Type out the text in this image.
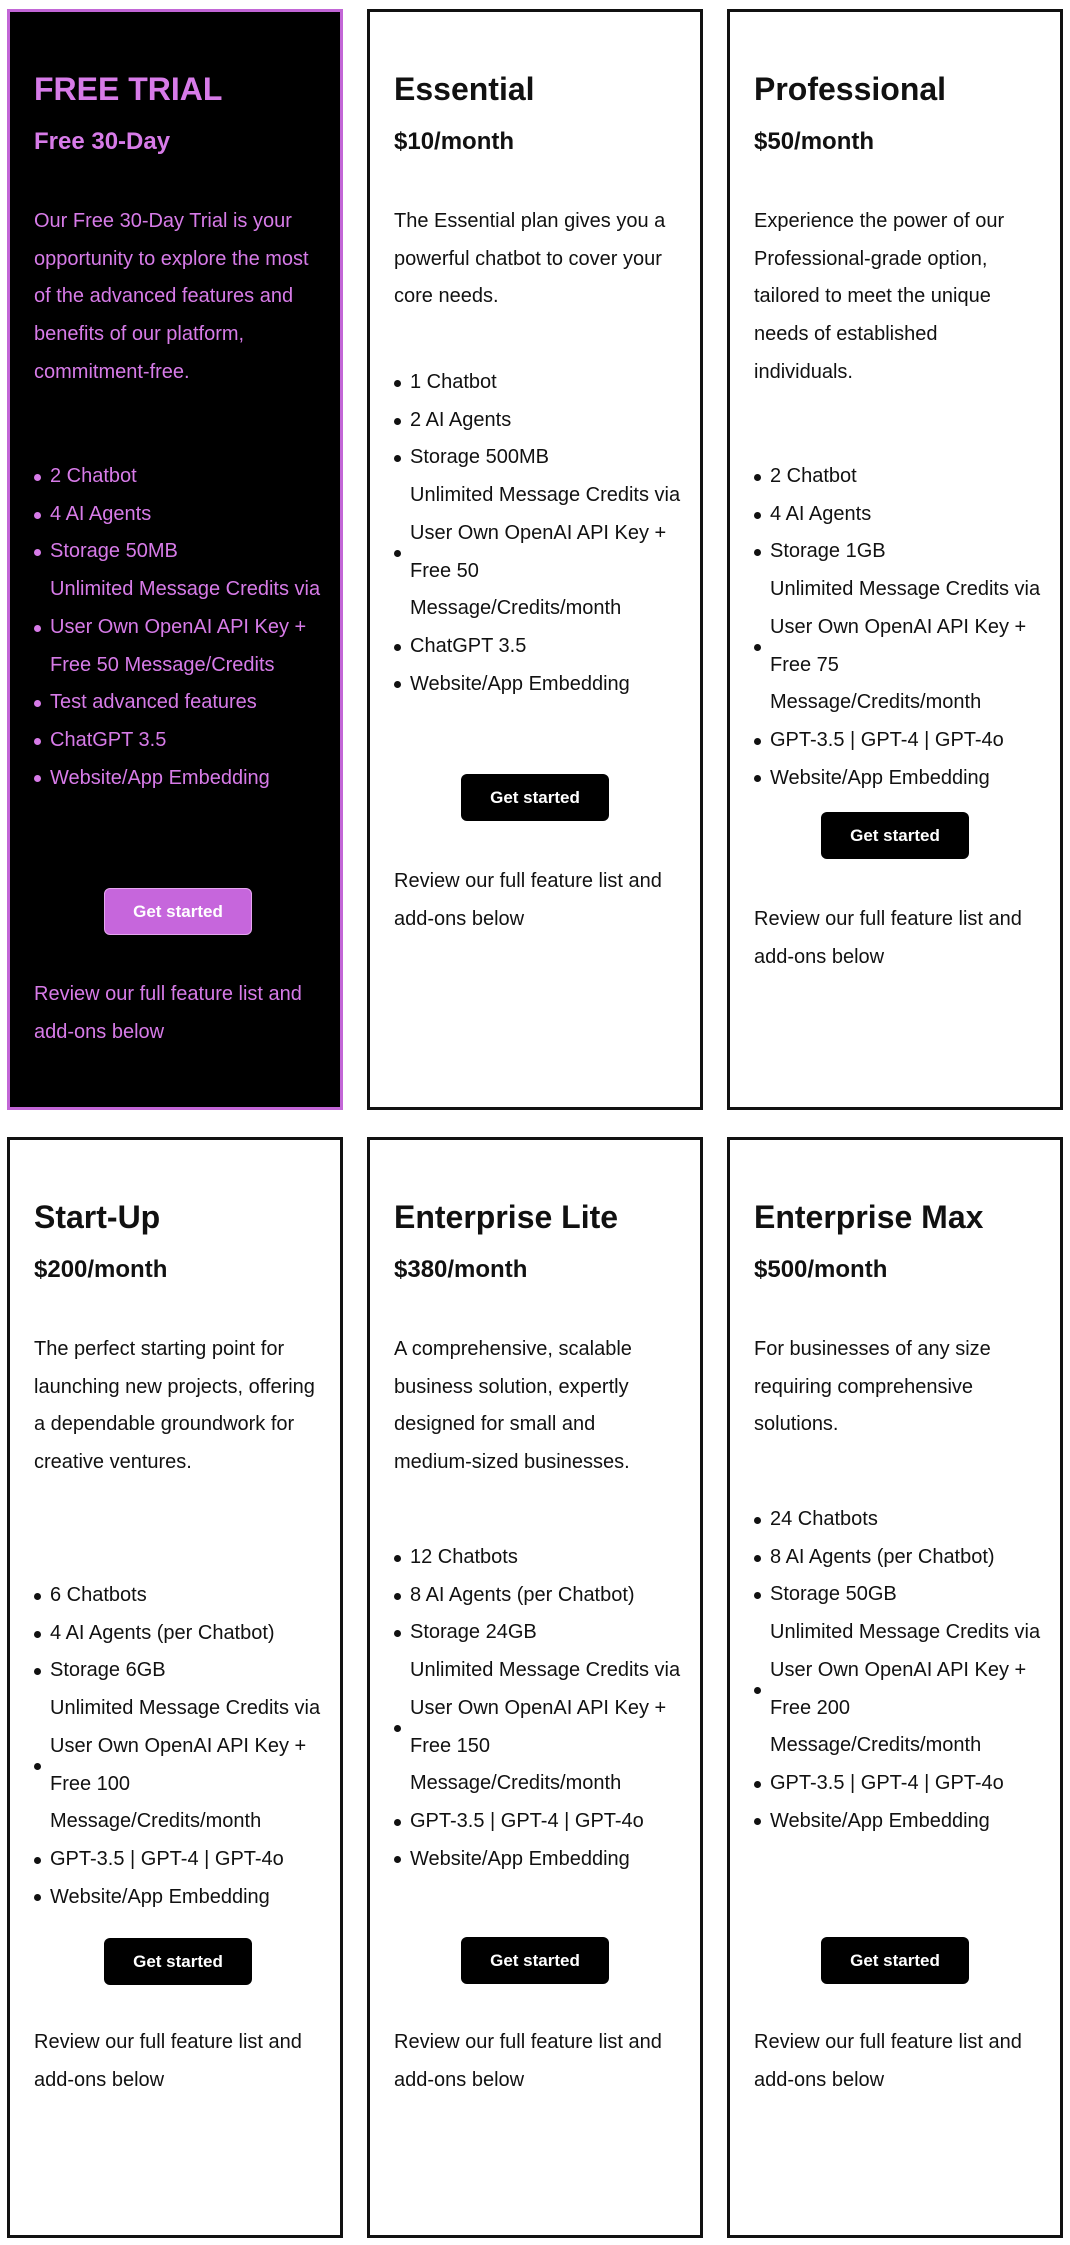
FREE TRIAL
Free 30-Day

Our Free 30-Day Trial is your opportunity to explore the most of the advanced features and benefits of our platform, commitment-free.

2 Chatbot
4 AI Agents
Storage 50MB
Unlimited Message Credits via User Own OpenAI API Key + Free 50 Message/Credits
Test advanced features
ChatGPT 3.5
Website/App Embedding
Get started

Review our full feature list and add-ons below

Essential
$10/month

The Essential plan gives you a powerful chatbot to cover your core needs.

1 Chatbot
2 AI Agents
Storage 500MB
Unlimited Message Credits via User Own OpenAI API Key + Free 50 Message/Credits/month
ChatGPT 3.5
Website/App Embedding
Get started

Review our full feature list and add-ons below

Professional
$50/month

Experience the power of our Professional-grade option, tailored to meet the unique needs of established individuals.

2 Chatbot
4 AI Agents
Storage 1GB
Unlimited Message Credits via User Own OpenAI API Key + Free 75 Message/Credits/month
GPT-3.5 | GPT-4 | GPT-4o
Website/App Embedding
Get started

Review our full feature list and add-ons below

Start-Up
$200/month

The perfect starting point for launching new projects, offering a dependable groundwork for creative ventures.

6 Chatbots
4 AI Agents (per Chatbot)
Storage 6GB
Unlimited Message Credits via User Own OpenAI API Key + Free 100 Message/Credits/month
GPT-3.5 | GPT-4 | GPT-4o
Website/App Embedding
Get started

Review our full feature list and add-ons below

Enterprise Lite
$380/month

A comprehensive, scalable business solution, expertly designed for small and medium-sized businesses.

12 Chatbots
8 AI Agents (per Chatbot)
Storage 24GB
Unlimited Message Credits via User Own OpenAI API Key + Free 150 Message/Credits/month
GPT-3.5 | GPT-4 | GPT-4o
Website/App Embedding
Get started

Review our full feature list and add-ons below

Enterprise Max
$500/month

For businesses of any size requiring comprehensive solutions.

24 Chatbots
8 AI Agents (per Chatbot)
Storage 50GB
Unlimited Message Credits via User Own OpenAI API Key + Free 200 Message/Credits/month
GPT-3.5 | GPT-4 | GPT-4o
Website/App Embedding
Get started

Review our full feature list and add-ons below
